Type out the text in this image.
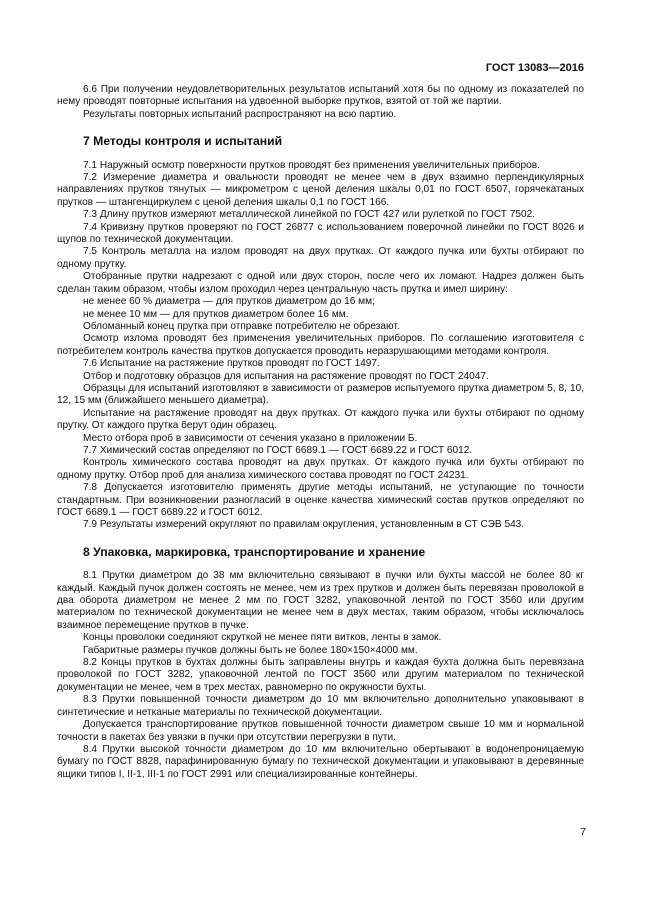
ГОСТ 13083—2016

6.6 При получении неудовлетворительных результатов испытаний хотя бы по одному из показателей по нему проводят повторные испытания на удвоенной выборке прутков, взятой от той же партии.

Результаты повторных испытаний распространяют на всю партию.

7 Методы контроля и испытаний

7.1 Наружный осмотр поверхности прутков проводят без применения увеличительных приборов.

7.2 Измерение диаметра и овальности проводят не менее чем в двух взаимно перпендикулярных направлениях прутков тянутых — микрометром с ценой деления шкалы 0,01 по ГОСТ 6507, горячекатаных прутков — штангенциркулем с ценой деления шкалы 0,1 по ГОСТ 166.

7.3 Длину прутков измеряют металлической линейкой по ГОСТ 427 или рулеткой по ГОСТ 7502.

7.4 Кривизну прутков проверяют по ГОСТ 26877 с использованием поверочной линейки по ГОСТ 8026 и щупов по технической документации.

7.5 Контроль металла на излом проводят на двух прутках. От каждого пучка или бухты отбирают по одному прутку.

Отобранные прутки надрезают с одной или двух сторон, после чего их ломают. Надрез должен быть сделан таким образом, чтобы излом проходил через центральную часть прутка и имел ширину:

не менее 60 % диаметра — для прутков диаметром до 16 мм;

не менее 10 мм — для прутков диаметром более 16 мм.

Обломанный конец прутка при отправке потребителю не обрезают.

Осмотр излома проводят без применения увеличительных приборов. По соглашению изготовителя с потребителем контроль качества прутков допускается проводить неразрушающими методами контроля.

7.6 Испытание на растяжение прутков проводят по ГОСТ 1497.

Отбор и подготовку образцов для испытания на растяжение проводят по ГОСТ 24047.

Образцы для испытаний изготовляют в зависимости от размеров испытуемого прутка диаметром 5, 8, 10, 12, 15 мм (ближайшего меньшего диаметра).

Испытание на растяжение проводят на двух прутках. От каждого пучка или бухты отбирают по одному прутку. От каждого прутка берут один образец.

Место отбора проб в зависимости от сечения указано в приложении Б.

7.7 Химический состав определяют по ГОСТ 6689.1 — ГОСТ 6689.22 и ГОСТ 6012.

Контроль химического состава проводят на двух прутках. От каждого пучка или бухты отбирают по одному прутку. Отбор проб для анализа химического состава проводят по ГОСТ 24231.

7.8 Допускается изготовителю применять другие методы испытаний, не уступающие по точности стандартным. При возникновении разногласий в оценке качества химический состав прутков определяют по ГОСТ 6689.1 — ГОСТ 6689.22 и ГОСТ 6012.

7.9 Результаты измерений округляют по правилам округления, установленным в СТ СЭВ 543.

8 Упаковка, маркировка, транспортирование и хранение

8.1 Прутки диаметром до 38 мм включительно связывают в пучки или бухты массой не более 80 кг каждый. Каждый пучок должен состоять не менее, чем из трех прутков и должен быть перевязан проволокой в два оборота диаметром не менее 2 мм по ГОСТ 3282, упаковочной лентой по ГОСТ 3560 или другим материалом по технической документации не менее чем в двух местах, таким образом, чтобы исключалось взаимное перемещение прутков в пучке.

Концы проволоки соединяют скруткой не менее пяти витков, ленты в замок.

Габаритные размеры пучков должны быть не более 180×150×4000 мм.

8.2 Концы прутков в бухтах должны быть заправлены внутрь и каждая бухта должна быть перевязана проволокой по ГОСТ 3282, упаковочной лентой по ГОСТ 3560 или другим материалом по технической документации не менее, чем в трех местах, равномерно по окружности бухты.

8.3 Прутки повышенной точности диаметром до 10 мм включительно дополнительно упаковывают в синтетические и нетканые материалы по технической документации.

Допускается транспортирование прутков повышенной точности диаметром свыше 10 мм и нормальной точности в пакетах без увязки в пучки при отсутствии перегрузки в пути.

8.4 Прутки высокой точности диаметром до 10 мм включительно обертывают в водонепроницаемую бумагу по ГОСТ 8828, парафинированную бумагу по технической документации и упаковывают в деревянные ящики типов I, II-1, III-1 по ГОСТ 2991 или специализированные контейнеры.

7
